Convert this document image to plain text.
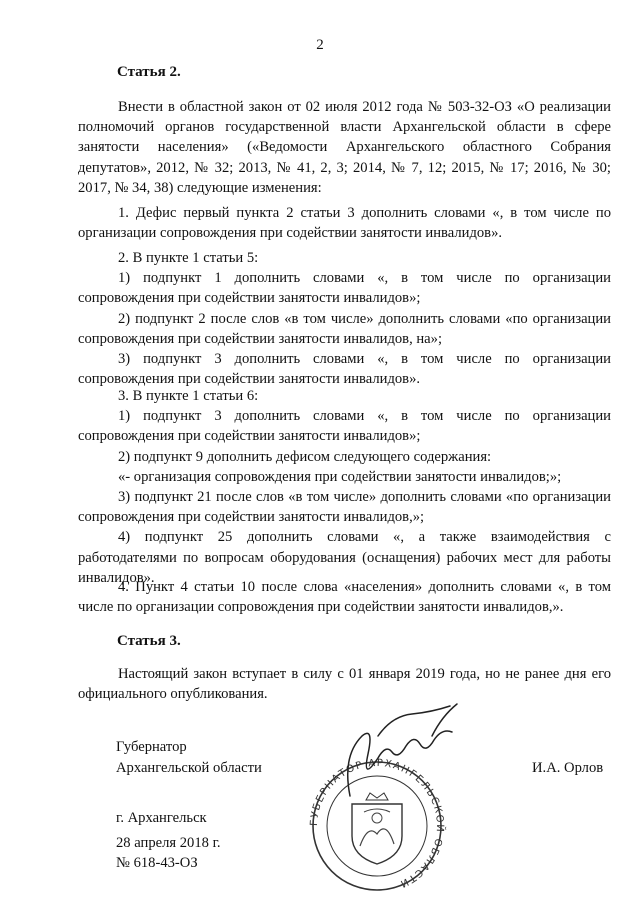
2
Статья 2.

Внести в областной закон от 02 июля 2012 года № 503-32-ОЗ «О реализации полномочий органов государственной власти Архангельской области в сфере занятости населения» («Ведомости Архангельского областного Собрания депутатов», 2012, № 32; 2013, № 41, 2, 3; 2014, № 7, 12; 2015, № 17; 2016, № 30; 2017, № 34, 38) следующие изменения:

1. Дефис первый пункта 2 статьи 3 дополнить словами «, в том числе по организации сопровождения при содействии занятости инвалидов».

2. В пункте 1 статьи 5:

1) подпункт 1 дополнить словами «, в том числе по организации сопровождения при содействии занятости инвалидов»;

2) подпункт 2 после слов «в том числе» дополнить словами «по организации сопровождения при содействии занятости инвалидов, на»;

3) подпункт 3 дополнить словами «, в том числе по организации сопровождения при содействии занятости инвалидов».

3. В пункте 1 статьи 6:

1) подпункт 3 дополнить словами «, в том числе по организации сопровождения при содействии занятости инвалидов»;

2) подпункт 9 дополнить дефисом следующего содержания:

«- организация сопровождения при содействии занятости инвалидов;»;

3) подпункт 21 после слов «в том числе» дополнить словами «по организации сопровождения при содействии занятости инвалидов,»;

4) подпункт 25 дополнить словами «, а также взаимодействия с работодателями по вопросам оборудования (оснащения) рабочих мест для работы инвалидов».

4. Пункт 4 статьи 10 после слова «населения» дополнить словами «, в том числе по организации сопровождения при содействии занятости инвалидов,».

Статья 3.

Настоящий закон вступает в силу с 01 января 2019 года, но не ранее дня его официального опубликования.

ГУБЕРНАТОР АРХАНГЕЛЬСКОЙ ОБЛАСТИ
Губернатор
Архангельской области	И.А. Орлов
г. Архангельск
28 апреля 2018 г.
№ 618-43-ОЗ
